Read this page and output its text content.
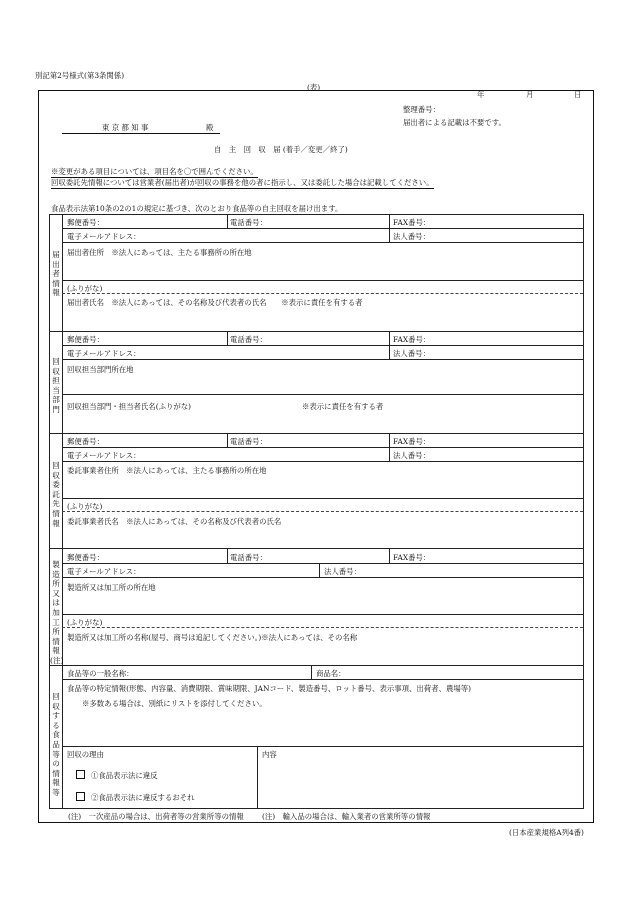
別記第2号様式(第3条関係)
(表)
年	月	日
整理番号：
届出者による記載は不要です。
東 京 都 知 事	殿
自　主　回　収　届 (着手／変更／終了)
※変更がある項目については、項目名を〇で囲んでください。
回収委託先情報については営業者(届出者)が回収の事務を他の者に指示し、又は委託した場合は記載してください。
食品表示法第10条の2の1の規定に基づき、次のとおり食品等の自主回収を届け出ます。
届出者情報
郵便番号：	電話番号：	FAX番号：
電子メールアドレス：	法人番号：
届出者住所　※法人にあっては、主たる事務所の所在地
(ふりがな)
届出者氏名　※法人にあっては、その名称及び代表者の氏名　　※表示に責任を有する者
回収担当部門
郵便番号：	電話番号：	FAX番号：
電子メールアドレス：	法人番号：
回収担当部門所在地
回収担当部門・担当者氏名(ふりがな)	※表示に責任を有する者
回収委託先情報
郵便番号：	電話番号：	FAX番号：
電子メールアドレス：	法人番号：
委託事業者住所　※法人にあっては、主たる事務所の所在地
(ふりがな)
委託事業者氏名　※法人にあっては、その名称及び代表者の氏名
製造所又は加工所情報(注)
郵便番号：	電話番号：	FAX番号：
電子メールアドレス：	法人番号：
製造所又は加工所の所在地
(ふりがな)
製造所又は加工所の名称(屋号、商号は追記してください。)※法人にあっては、その名称
回収する食品等の情報等
食品等の一般名称：	商品名：
食品等の特定情報(形態、内容量、消費期限、賞味期限、JANコード、製造番号、ロット番号、表示事項、出荷者、農場等)
※多数ある場合は、別紙にリストを添付してください。
回収の理由	内容
①食品表示法に違反
②食品表示法に違反するおそれ
(注)　一次産品の場合は、出荷者等の営業所等の情報 (注)　輸入品の場合は、輸入業者の営業所等の情報
(日本産業規格A列4番)
